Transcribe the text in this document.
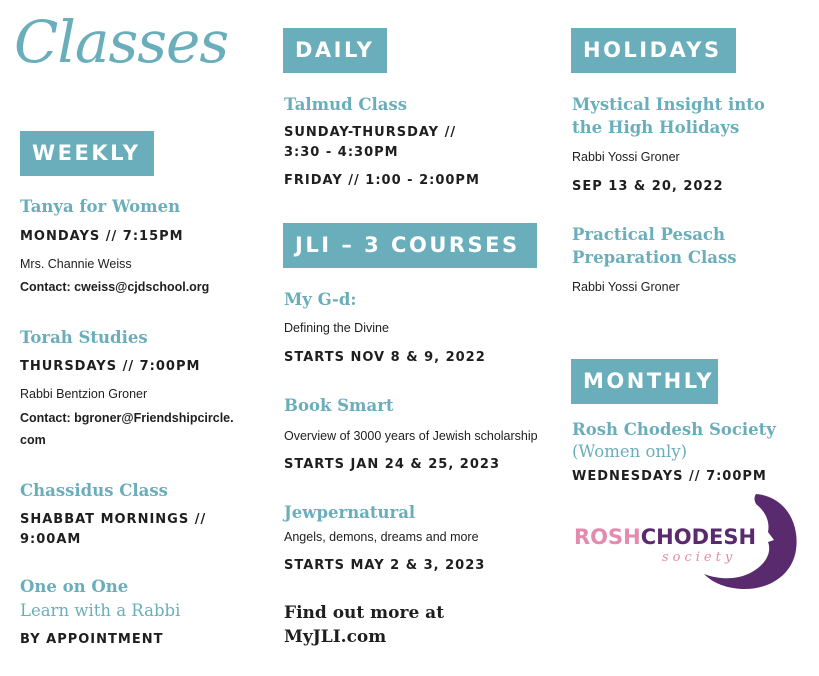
Classes
WEEKLY
Tanya for Women
MONDAYS // 7:15PM
Mrs. Channie Weiss
Contact: cweiss@cjdschool.org
Torah Studies
THURSDAYS // 7:00PM
Rabbi Bentzion Groner
Contact: bgroner@Friendshipcircle.
com
Chassidus Class
SHABBAT MORNINGS //
9:00AM
One on One
Learn with a Rabbi
BY APPOINTMENT
DAILY
Talmud Class
SUNDAY-THURSDAY //
3:30 - 4:30PM
FRIDAY // 1:00 - 2:00PM
JLI – 3 COURSES
My G-d:
Defining the Divine
STARTS NOV 8 & 9, 2022
Book Smart
Overview of 3000 years of Jewish scholarship
STARTS JAN 24 & 25, 2023
Jewpernatural
Angels, demons, dreams and more
STARTS MAY 2 & 3, 2023
Find out more at
MyJLI.com
HOLIDAYS
Mystical Insight into
the High Holidays
Rabbi Yossi Groner
SEP 13 & 20, 2022
Practical Pesach
Preparation Class
Rabbi Yossi Groner
MONTHLY
Rosh Chodesh Society
(Women only)
WEDNESDAYS // 7:00PM
ROSHCHODESH
society
